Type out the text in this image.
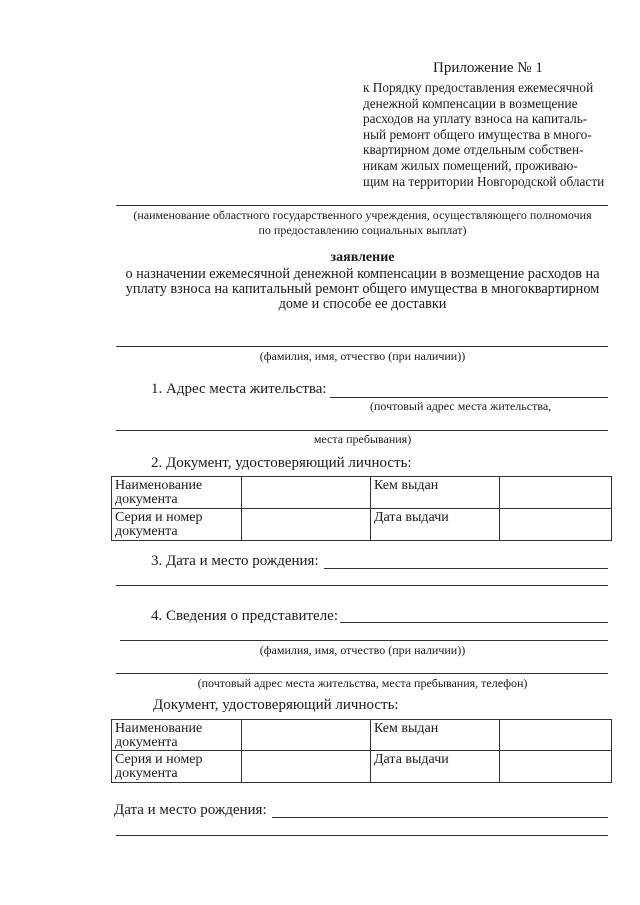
Приложение № 1
к Порядку предоставления ежемесячной
денежной компенсации в возмещение
расходов на уплату взноса на капиталь-
ный ремонт общего имущества в много-
квартирном доме отдельным собствен-
никам жилых помещений, проживаю-
щим на территории Новгородской области
(наименование областного государственного учреждения, осуществляющего полномочия
по предоставлению социальных выплат)
заявление
о назначении ежемесячной денежной компенсации в возмещение расходов на
уплату взноса на капитальный ремонт общего имущества в многоквартирном
доме и способе ее доставки
(фамилия, имя, отчество (при наличии))
1. Адрес места жительства:
(почтовый адрес места жительства,
места пребывания)
2. Документ, удостоверяющий личность:
Наименование документа		Кем выдан	
Серия и номер документа		Дата выдачи	
3. Дата и место рождения:
4. Сведения о представителе:
(фамилия, имя, отчество (при наличии))
(почтовый адрес места жительства, места пребывания, телефон)
Документ, удостоверяющий личность:
Наименование документа		Кем выдан	
Серия и номер документа		Дата выдачи	
Дата и место рождения:
